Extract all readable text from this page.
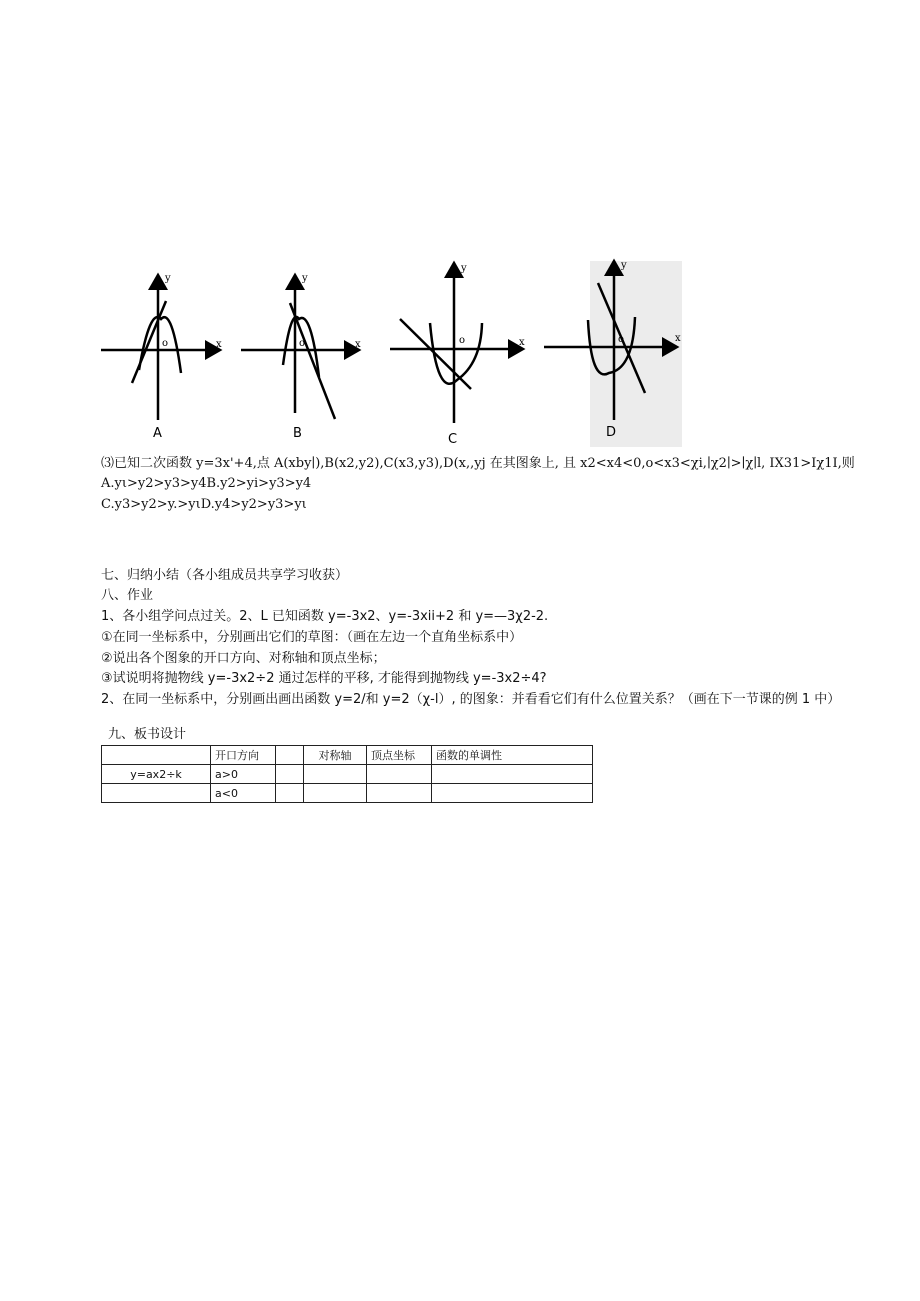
y
x
o
y
x
o
y
x
o
y
x
o
A	B	C	D
⑶已知二次函数 y=3x'+4,点 A(xby∣),B(x2,y2),C(x3,y3),D(x,,yj 在其图象上, 且 x2<x4<0,o<x3<χi,∣χ2∣>∣χ∣l, IX31>Iχ1I,则
A.yι>y2>y3>y4B.y2>yi>y3>y4
C.y3>y2>y.>yιD.y4>y2>y3>yι
七、归纳小结（各小组成员共享学习收获）
八、作业
1、各小组学问点过关。2、L 已知函数 y=-3x2、y=-3xii+2 和 y=—3χ2-2.
①在同一坐标系中，分别画出它们的草图：（画在左边一个直角坐标系中）
②说出各个图象的开口方向、对称轴和顶点坐标；
③试说明将抛物线 y=-3x2÷2 通过怎样的平移, 才能得到抛物线 y=-3x2÷4?
2、在同一坐标系中，分别画出画出函数 y=2/和 y=2（χ-l）, 的图象：并看看它们有什么位置关系？（画在下一节课的例 1 中）
九、板书设计
	开口方向		对称轴	顶点坐标	函数的单调性
y=ax2÷k	a>0				
	a<0				
